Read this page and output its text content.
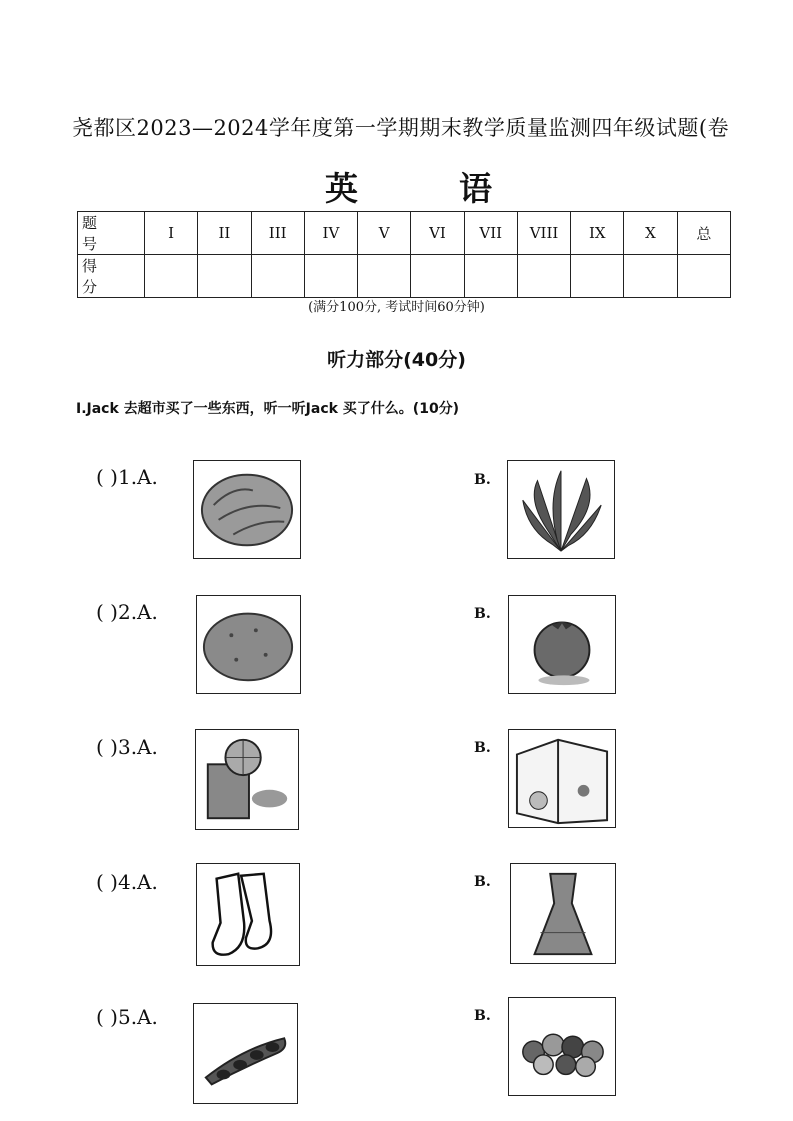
尧都区2023—2024学年度第一学期期末教学质量监测四年级试题(卷
英	语
题 号	I	II	III	IV	V	VI	VII	VIII	IX	X	总
得 分											
(满分100分, 考试时间60分钟)
听力部分(40分)
I.Jack 去超市买了一些东西，听一听Jack 买了什么。(10分)
( )1.A.	B.
( )2.A.	B.
( )3.A.	B.
( )4.A.	B.
( )5.A.	B.
